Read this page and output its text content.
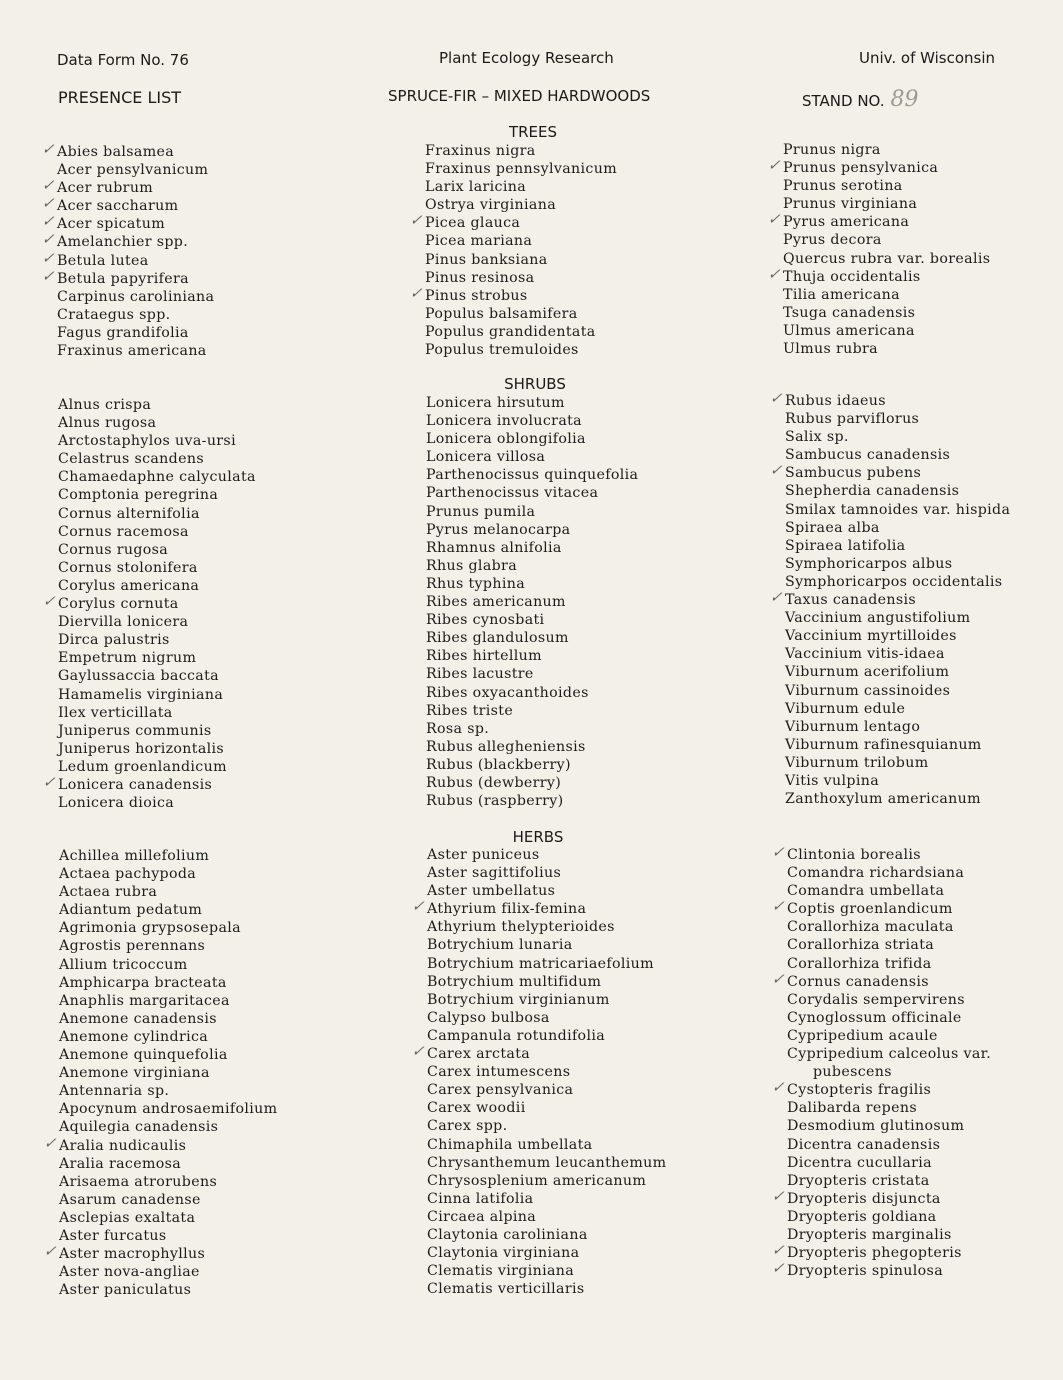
Data Form No. 76	Plant Ecology Research	Univ. of Wisconsin
PRESENCE LIST	SPRUCE-FIR – MIXED HARDWOODS	STAND NO. 89
TREES
SHRUBS
HERBS
✓ Abies balsamea
Acer pensylvanicum
✓ Acer rubrum
✓ Acer saccharum
✓ Acer spicatum
✓ Amelanchier spp.
✓ Betula lutea
✓ Betula papyrifera
Carpinus caroliniana
Crataegus spp.
Fagus grandifolia
Fraxinus americana
Fraxinus nigra
Fraxinus pennsylvanicum
Larix laricina
Ostrya virginiana
✓ Picea glauca
Picea mariana
Pinus banksiana
Pinus resinosa
✓ Pinus strobus
Populus balsamifera
Populus grandidentata
Populus tremuloides
Prunus nigra
✓ Prunus pensylvanica
Prunus serotina
Prunus virginiana
✓ Pyrus americana
Pyrus decora
Quercus rubra var. borealis
✓ Thuja occidentalis
Tilia americana
Tsuga canadensis
Ulmus americana
Ulmus rubra
Alnus crispa
Alnus rugosa
Arctostaphylos uva-ursi
Celastrus scandens
Chamaedaphne calyculata
Comptonia peregrina
Cornus alternifolia
Cornus racemosa
Cornus rugosa
Cornus stolonifera
Corylus americana
✓ Corylus cornuta
Diervilla lonicera
Dirca palustris
Empetrum nigrum
Gaylussaccia baccata
Hamamelis virginiana
Ilex verticillata
Juniperus communis
Juniperus horizontalis
Ledum groenlandicum
✓ Lonicera canadensis
Lonicera dioica
Lonicera hirsutum
Lonicera involucrata
Lonicera oblongifolia
Lonicera villosa
Parthenocissus quinquefolia
Parthenocissus vitacea
Prunus pumila
Pyrus melanocarpa
Rhamnus alnifolia
Rhus glabra
Rhus typhina
Ribes americanum
Ribes cynosbati
Ribes glandulosum
Ribes hirtellum
Ribes lacustre
Ribes oxyacanthoides
Ribes triste
Rosa sp.
Rubus allegheniensis
Rubus (blackberry)
Rubus (dewberry)
Rubus (raspberry)
✓ Rubus idaeus
Rubus parviflorus
Salix sp.
Sambucus canadensis
✓ Sambucus pubens
Shepherdia canadensis
Smilax tamnoides var. hispida
Spiraea alba
Spiraea latifolia
Symphoricarpos albus
Symphoricarpos occidentalis
✓ Taxus canadensis
Vaccinium angustifolium
Vaccinium myrtilloides
Vaccinium vitis-idaea
Viburnum acerifolium
Viburnum cassinoides
Viburnum edule
Viburnum lentago
Viburnum rafinesquianum
Viburnum trilobum
Vitis vulpina
Zanthoxylum americanum
Achillea millefolium
Actaea pachypoda
Actaea rubra
Adiantum pedatum
Agrimonia grypsosepala
Agrostis perennans
Allium tricoccum
Amphicarpa bracteata
Anaphlis margaritacea
Anemone canadensis
Anemone cylindrica
Anemone quinquefolia
Anemone virginiana
Antennaria sp.
Apocynum androsaemifolium
Aquilegia canadensis
✓ Aralia nudicaulis
Aralia racemosa
Arisaema atrorubens
Asarum canadense
Asclepias exaltata
Aster furcatus
✓ Aster macrophyllus
Aster nova-angliae
Aster paniculatus
Aster puniceus
Aster sagittifolius
Aster umbellatus
✓ Athyrium filix-femina
Athyrium thelypterioides
Botrychium lunaria
Botrychium matricariaefolium
Botrychium multifidum
Botrychium virginianum
Calypso bulbosa
Campanula rotundifolia
✓ Carex arctata
Carex intumescens
Carex pensylvanica
Carex woodii
Carex spp.
Chimaphila umbellata
Chrysanthemum leucanthemum
Chrysosplenium americanum
Cinna latifolia
Circaea alpina
Claytonia caroliniana
Claytonia virginiana
Clematis virginiana
Clematis verticillaris
✓ Clintonia borealis
Comandra richardsiana
Comandra umbellata
✓ Coptis groenlandicum
Corallorhiza maculata
Corallorhiza striata
Corallorhiza trifida
✓ Cornus canadensis
Corydalis sempervirens
Cynoglossum officinale
Cypripedium acaule
Cypripedium calceolus var.
pubescens
✓ Cystopteris fragilis
Dalibarda repens
Desmodium glutinosum
Dicentra canadensis
Dicentra cucullaria
Dryopteris cristata
✓ Dryopteris disjuncta
Dryopteris goldiana
Dryopteris marginalis
✓ Dryopteris phegopteris
✓ Dryopteris spinulosa
